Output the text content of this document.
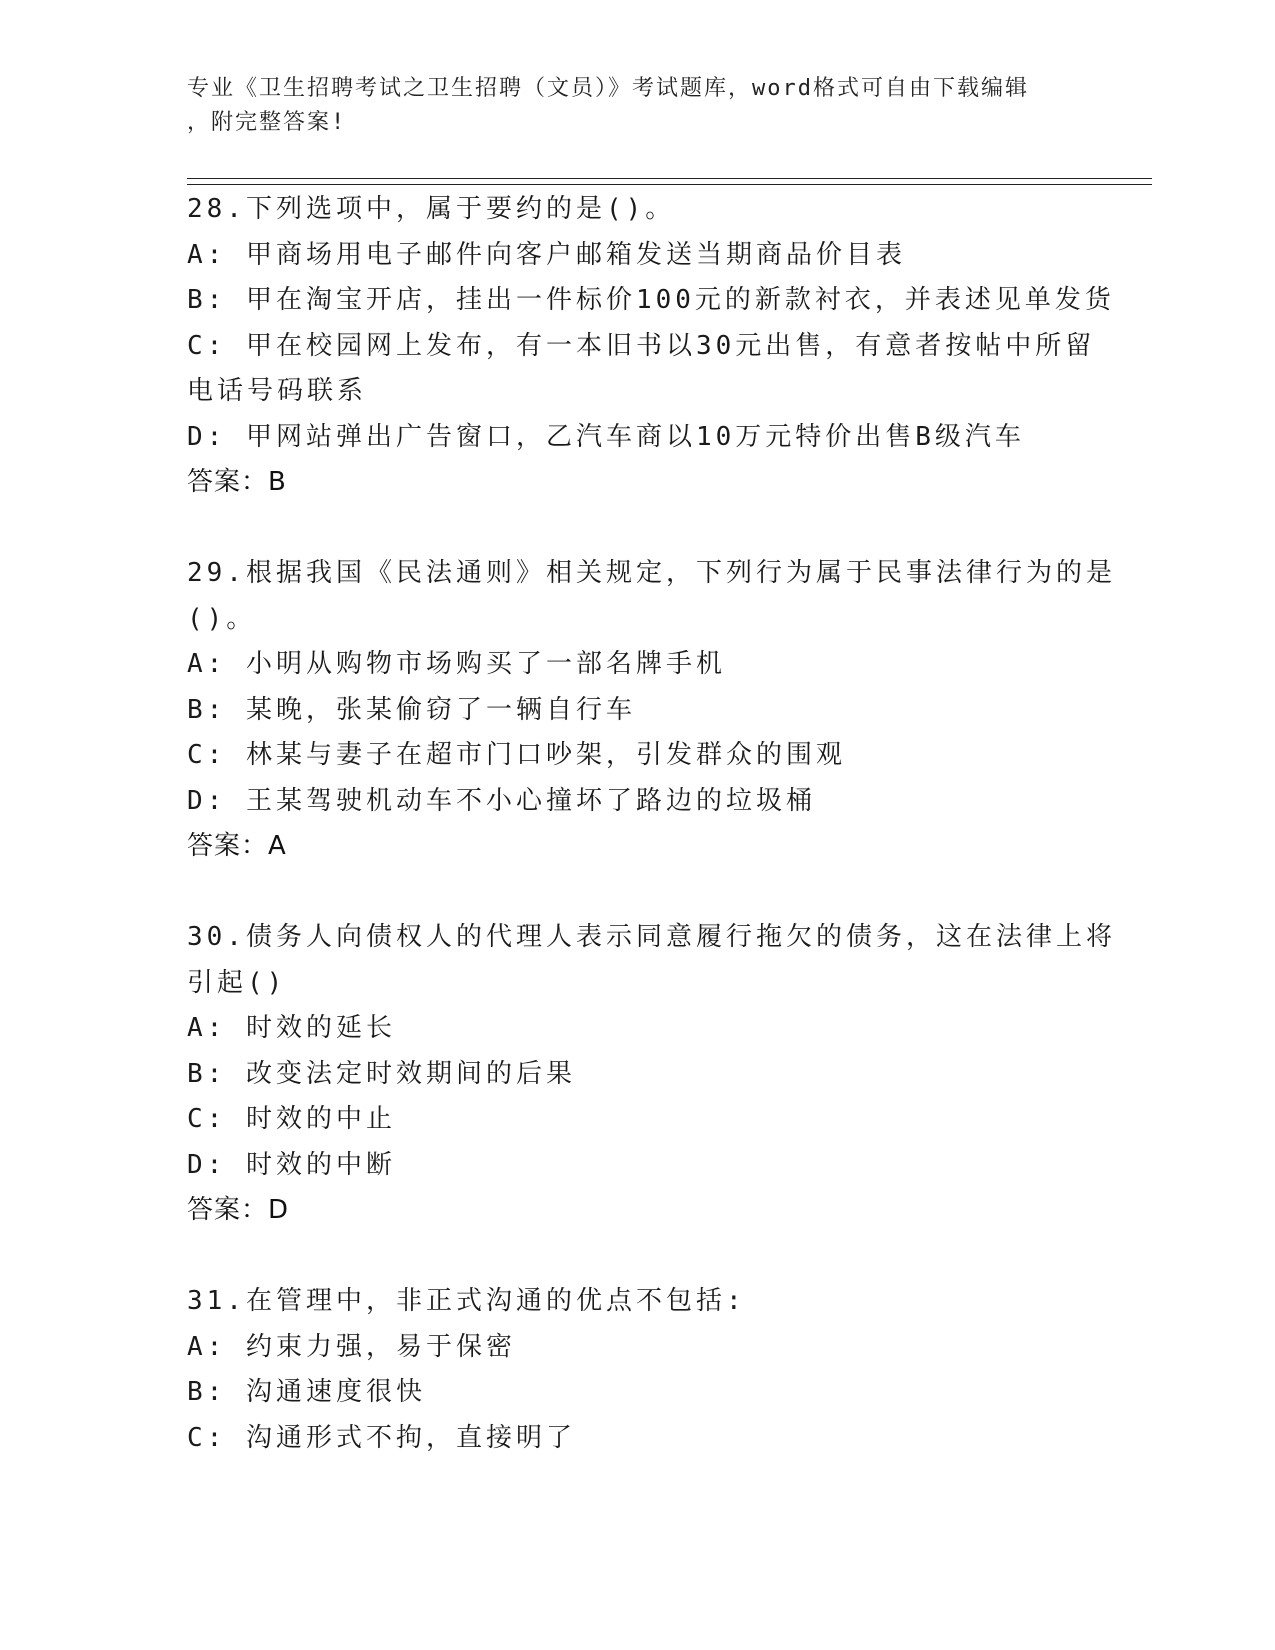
专业《卫生招聘考试之卫生招聘（文员）》考试题库，word格式可自由下载编辑
，附完整答案!
28.下列选项中，属于要约的是()。
A: 甲商场用电子邮件向客户邮箱发送当期商品价目表
B: 甲在淘宝开店，挂出一件标价100元的新款衬衣，并表述见单发货
C: 甲在校园网上发布，有一本旧书以30元出售，有意者按帖中所留
电话号码联系
D: 甲网站弹出广告窗口，乙汽车商以10万元特价出售B级汽车
答案：B
29.根据我国《民法通则》相关规定，下列行为属于民事法律行为的是
()。
A: 小明从购物市场购买了一部名牌手机
B: 某晚，张某偷窃了一辆自行车
C: 林某与妻子在超市门口吵架，引发群众的围观
D: 王某驾驶机动车不小心撞坏了路边的垃圾桶
答案：A
30.债务人向债权人的代理人表示同意履行拖欠的债务，这在法律上将
引起()
A: 时效的延长
B: 改变法定时效期间的后果
C: 时效的中止
D: 时效的中断
答案：D
31.在管理中，非正式沟通的优点不包括:
A: 约束力强，易于保密
B: 沟通速度很快
C: 沟通形式不拘，直接明了
